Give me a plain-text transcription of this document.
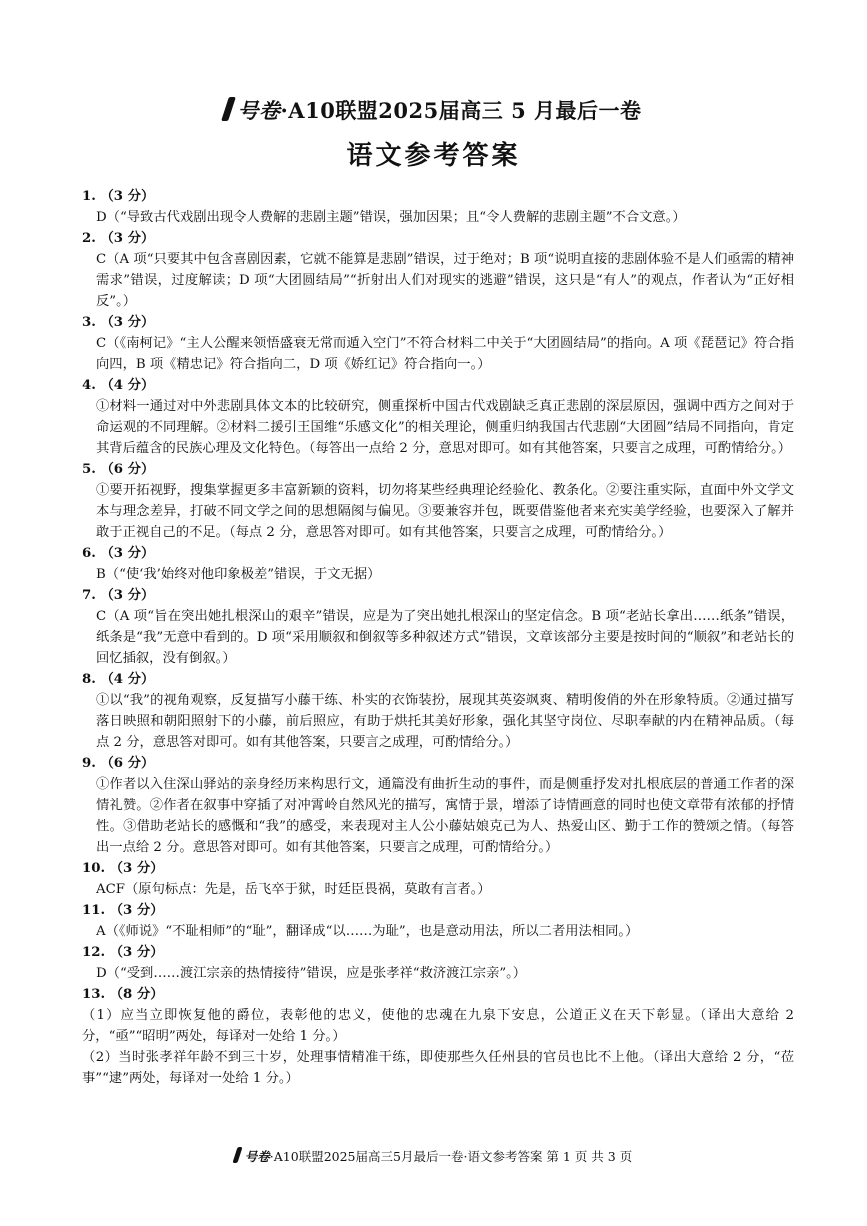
号卷·A10联盟2025届高三 5 月最后一卷
语文参考答案
1. （3 分）
D（“导致古代戏剧出现令人费解的悲剧主题”错误，强加因果；且“令人费解的悲剧主题”不合文意。）
2. （3 分）
C（A 项“只要其中包含喜剧因素，它就不能算是悲剧”错误，过于绝对；B 项“说明直接的悲剧体验不是人们亟需的精神需求”错误，过度解读；D 项“大团圆结局”“折射出人们对现实的逃避”错误，这只是“有人”的观点，作者认为“正好相反”。）
3. （3 分）
C（《南柯记》“主人公醒来领悟盛衰无常而遁入空门”不符合材料二中关于“大团圆结局”的指向。A 项《琵琶记》符合指向四，B 项《精忠记》符合指向二，D 项《娇红记》符合指向一。）
4. （4 分）
①材料一通过对中外悲剧具体文本的比较研究，侧重探析中国古代戏剧缺乏真正悲剧的深层原因，强调中西方之间对于命运观的不同理解。②材料二援引王国维“乐感文化”的相关理论，侧重归纳我国古代悲剧“大团圆”结局不同指向，肯定其背后蕴含的民族心理及文化特色。（每答出一点给 2 分，意思对即可。如有其他答案，只要言之成理，可酌情给分。）
5. （6 分）
①要开拓视野，搜集掌握更多丰富新颖的资料，切勿将某些经典理论经验化、教条化。②要注重实际，直面中外文学文本与理念差异，打破不同文学之间的思想隔阂与偏见。③要兼容并包，既要借鉴他者来充实美学经验，也要深入了解并敢于正视自己的不足。（每点 2 分，意思答对即可。如有其他答案，只要言之成理，可酌情给分。）
6. （3 分）
B（“使‘我’始终对他印象极差”错误，于文无据）
7. （3 分）
C（A 项“旨在突出她扎根深山的艰辛”错误，应是为了突出她扎根深山的坚定信念。B 项“老站长拿出……纸条”错误，纸条是“我”无意中看到的。D 项“采用顺叙和倒叙等多种叙述方式”错误，文章该部分主要是按时间的“顺叙”和老站长的回忆插叙，没有倒叙。）
8. （4 分）
①以“我”的视角观察，反复描写小藤干练、朴实的衣饰装扮，展现其英姿飒爽、精明俊俏的外在形象特质。②通过描写落日映照和朝阳照射下的小藤，前后照应，有助于烘托其美好形象，强化其坚守岗位、尽职奉献的内在精神品质。（每点 2 分，意思答对即可。如有其他答案，只要言之成理，可酌情给分。）
9. （6 分）
①作者以入住深山驿站的亲身经历来构思行文，通篇没有曲折生动的事件，而是侧重抒发对扎根底层的普通工作者的深情礼赞。②作者在叙事中穿插了对冲霄岭自然风光的描写，寓情于景，增添了诗情画意的同时也使文章带有浓郁的抒情性。③借助老站长的感慨和“我”的感受，来表现对主人公小藤姑娘克己为人、热爱山区、勤于工作的赞颂之情。（每答出一点给 2 分。意思答对即可。如有其他答案，只要言之成理，可酌情给分。）
10. （3 分）
ACF（原句标点：先是，岳飞卒于狱，时廷臣畏祸，莫敢有言者。）
11. （3 分）
A（《师说》“不耻相师”的“耻”，翻译成“以……为耻”，也是意动用法，所以二者用法相同。）
12. （3 分）
D（“受到……渡江宗亲的热情接待”错误，应是张孝祥“救济渡江宗亲”。）
13. （8 分）
（1）应当立即恢复他的爵位，表彰他的忠义，使他的忠魂在九泉下安息，公道正义在天下彰显。（译出大意给 2 分，“亟”“昭明”两处，每译对一处给 1 分。）
（2）当时张孝祥年龄不到三十岁，处理事情精准干练，即使那些久任州县的官员也比不上他。（译出大意给 2 分，“莅事”“逮”两处，每译对一处给 1 分。）
号卷·A10联盟2025届高三5月最后一卷·语文参考答案 第 1 页 共 3 页
